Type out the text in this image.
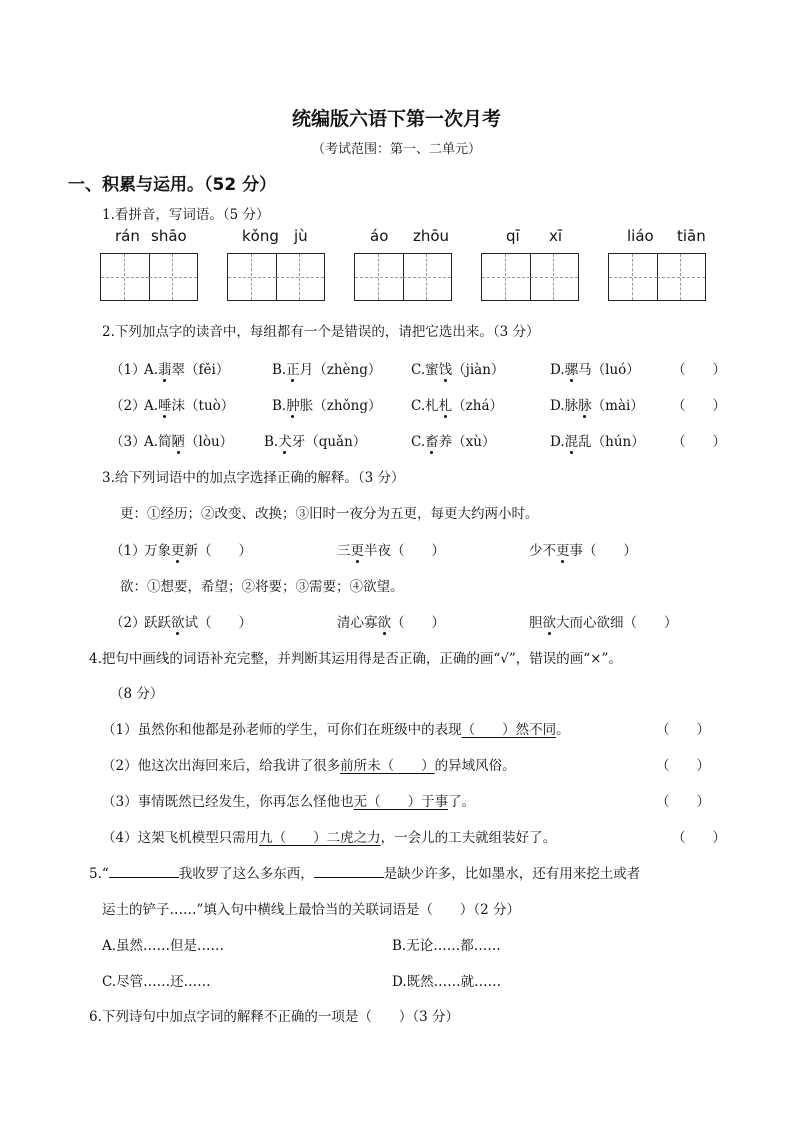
统编版六语下第一次月考
（考试范围：第一、二单元）
一、积累与运用。（52 分）
1.看拼音，写词语。（5 分）
rán shāo	kǒng jù	áo zhōu	qī xī	liáo tiān
2.下列加点字的读音中，每组都有一个是错误的，请把它选出来。（3 分）
（1）
A.翡翠（fěi）	B.正月（zhèng） C.蜜饯（jiàn）	D.骡马（luó） （　　）
（2）
A.唾沫（tuò）	B.肿胀（zhǒng） C.札札（zhá）	D.脉脉（mài） （　　）
（3）
A.简陋（lòu） B.犬牙（quǎn）	C.畜养（xù）	D.混乱（hún） （　　）
3.给下列词语中的加点字选择正确的解释。（3 分）
更：①经历；②改变、改换；③旧时一夜分为五更，每更大约两小时。
（1）
万象更新（　　）	三更半夜（　　）	少不更事（　　）
欲：①想要，希望；②将要；③需要；④欲望。
（2）
跃跃欲试（　　）	清心寡欲（　　）	胆欲大而心欲细（　　）
4.把句中画线的词语补充完整，并判断其运用得是否正确，正确的画“√”，错误的画“×”。
（8 分）
（1）虽然你和他都是孙老师的学生，可你们在班级中的表现（　　）然不同。	（　　）
（2）他这次出海回来后，给我讲了很多前所未（　　）的异域风俗。	（　　）
（3）事情既然已经发生，你再怎么怪他也无（　　）于事了。	（　　）
（4）这架飞机模型只需用九（　　）二虎之力，一会儿的工夫就组装好了。	（　　）
5.“	我收罗了这么多东西，	是缺少许多，比如墨水，还有用来挖土或者
运土的铲子……”填入句中横线上最恰当的关联词语是（　　）（2 分）
A.虽然……但是……	B.无论……都……
C.尽管……还……	D.既然……就……
6.下列诗句中加点字词的解释不正确的一项是（　　）（3 分）
